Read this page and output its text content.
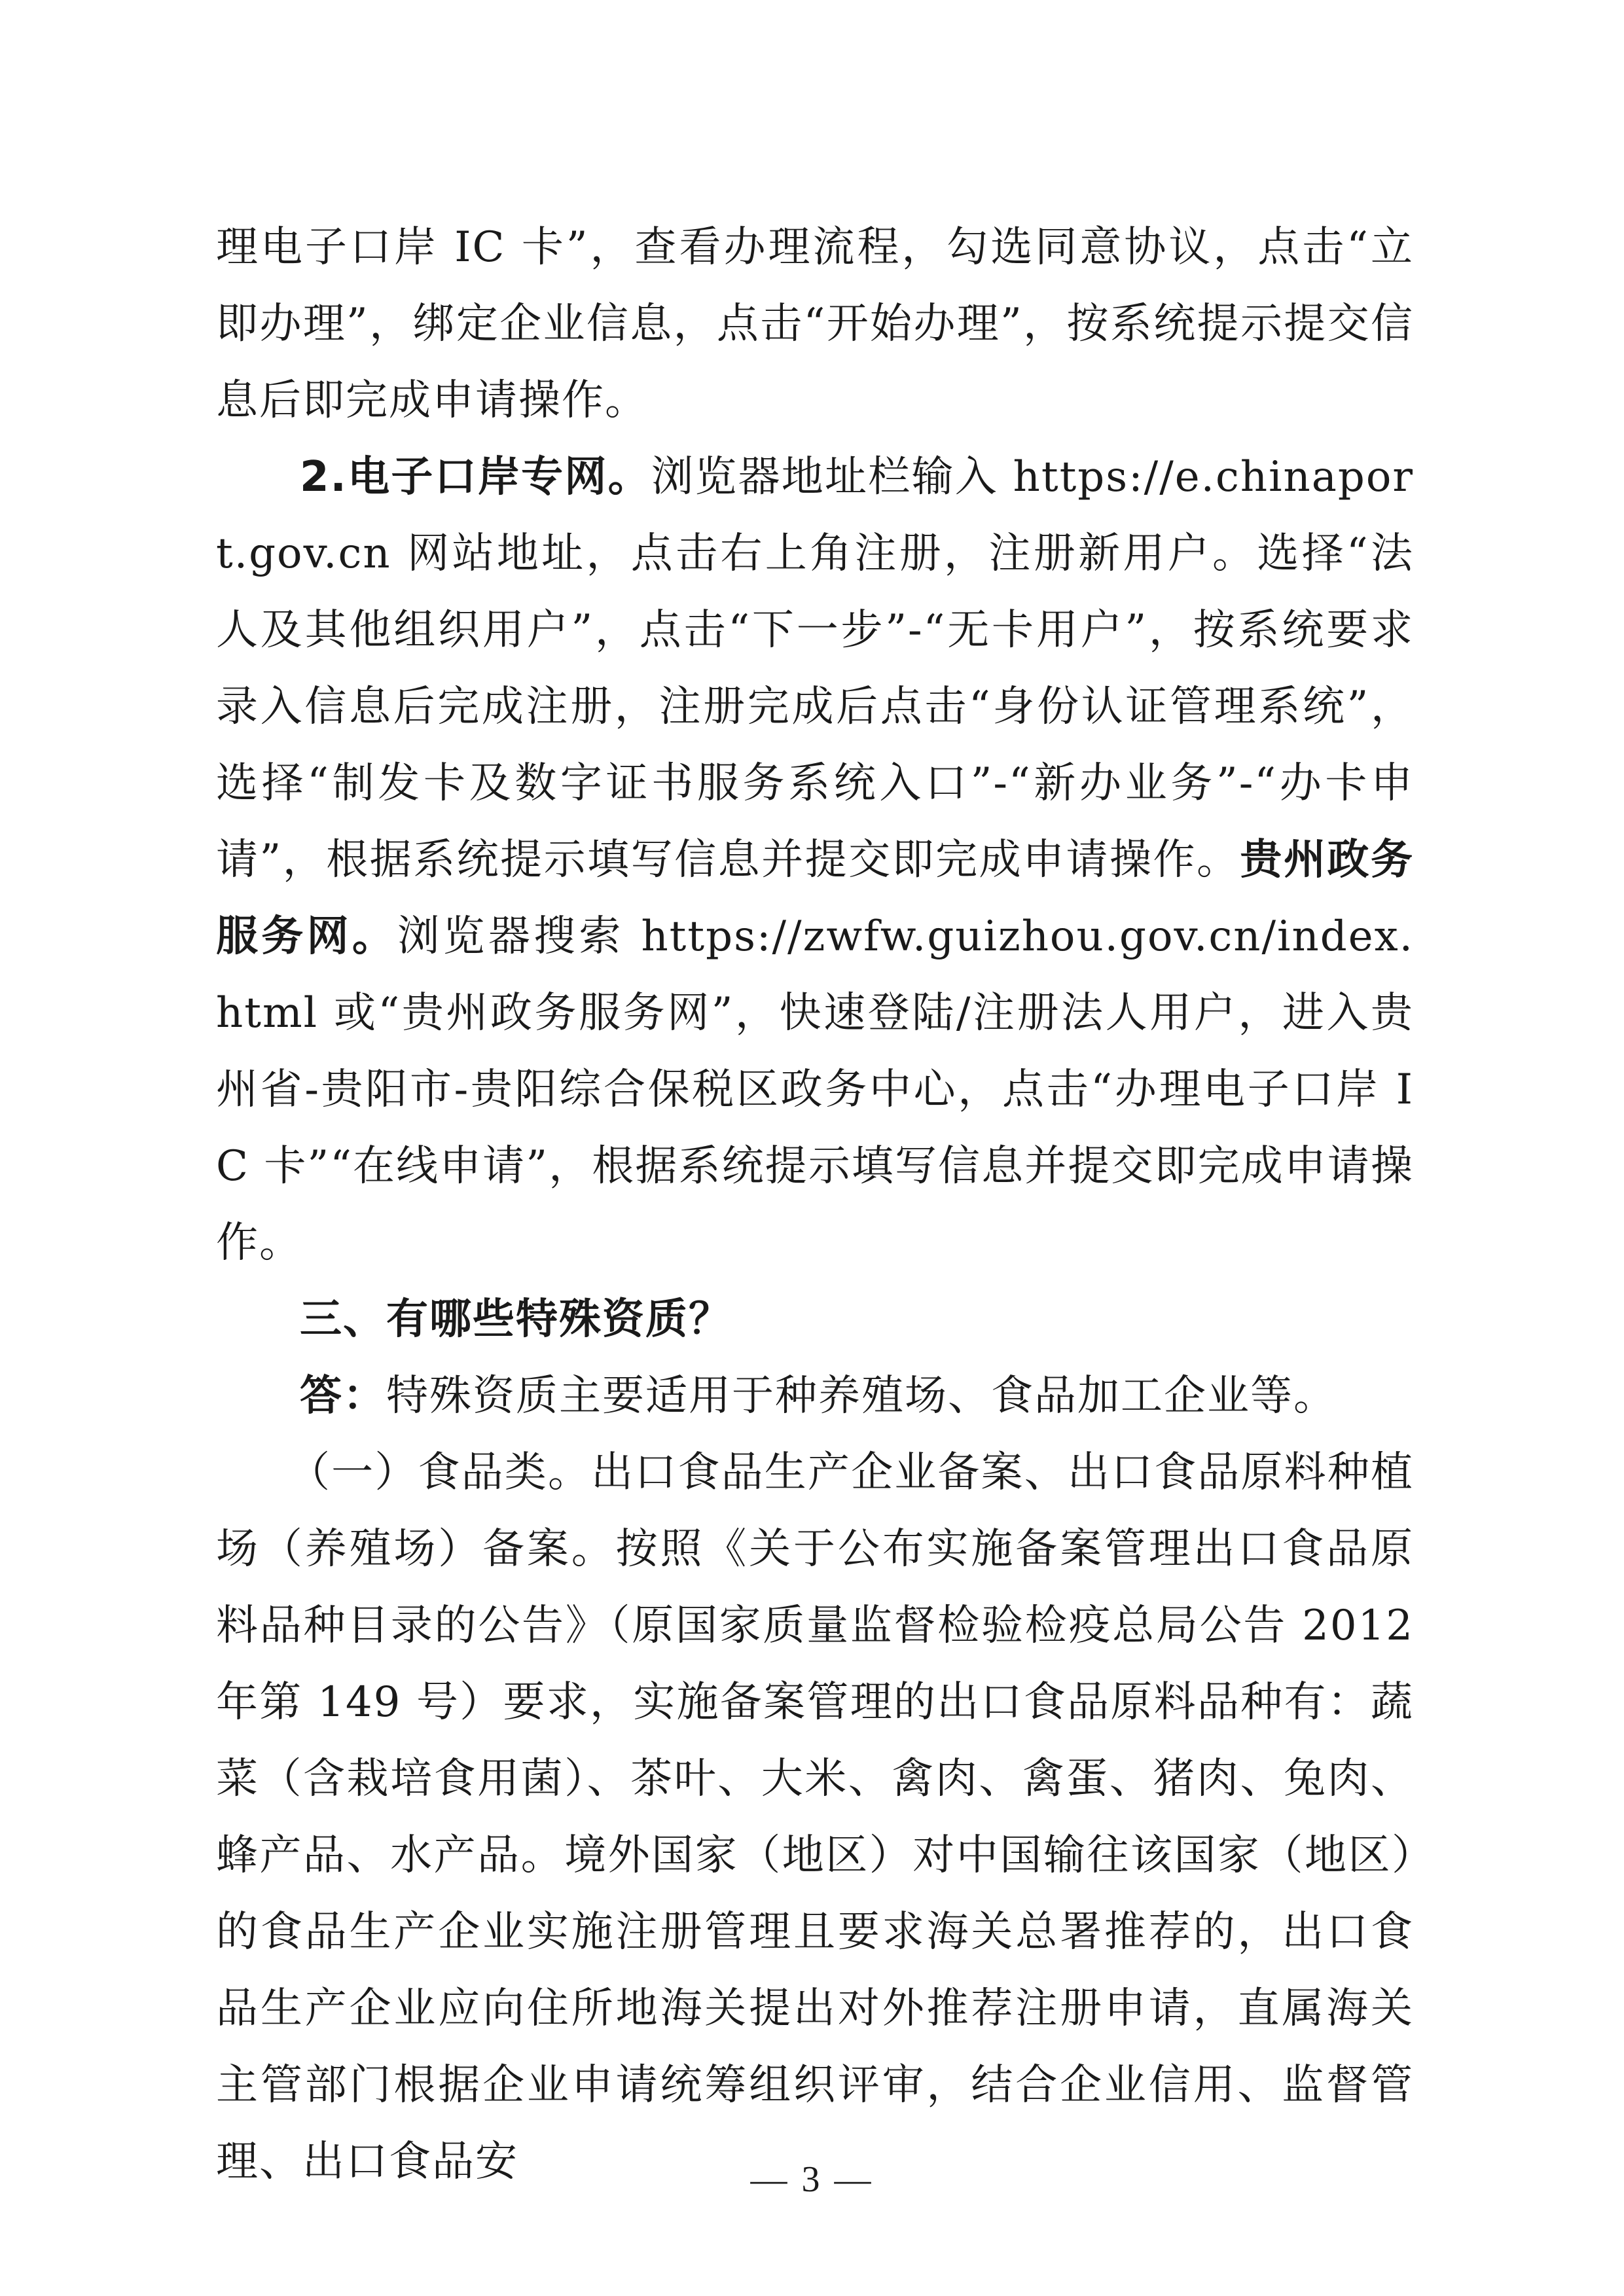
理电子口岸 IC 卡”，查看办理流程，勾选同意协议，点击“立即办理”，绑定企业信息，点击“开始办理”，按系统提示提交信息后即完成申请操作。

2.电子口岸专网。浏览器地址栏输入 https://e.chinaport.gov.cn 网站地址，点击右上角注册，注册新用户。选择“法人及其他组织用户”，点击“下一步”-“无卡用户”，按系统要求录入信息后完成注册，注册完成后点击“身份认证管理系统”，选择“制发卡及数字证书服务系统入口”-“新办业务”-“办卡申请”，根据系统提示填写信息并提交即完成申请操作。贵州政务服务网。浏览器搜索 https://zwfw.guizhou.gov.cn/index.html 或“贵州政务服务网”，快速登陆/注册法人用户，进入贵州省-贵阳市-贵阳综合保税区政务中心，点击“办理电子口岸 IC 卡”“在线申请”，根据系统提示填写信息并提交即完成申请操作。

三、有哪些特殊资质？

答：特殊资质主要适用于种养殖场、食品加工企业等。

（一）食品类。出口食品生产企业备案、出口食品原料种植场（养殖场）备案。按照《关于公布实施备案管理出口食品原料品种目录的公告》（原国家质量监督检验检疫总局公告 2012 年第 149 号）要求，实施备案管理的出口食品原料品种有：蔬菜（含栽培食用菌）、茶叶、大米、禽肉、禽蛋、猪肉、兔肉、蜂产品、水产品。境外国家（地区）对中国输往该国家（地区）的食品生产企业实施注册管理且要求海关总署推荐的，出口食品生产企业应向住所地海关提出对外推荐注册申请，直属海关主管部门根据企业申请统筹组织评审，结合企业信用、监督管理、出口食品安	— 3 —
